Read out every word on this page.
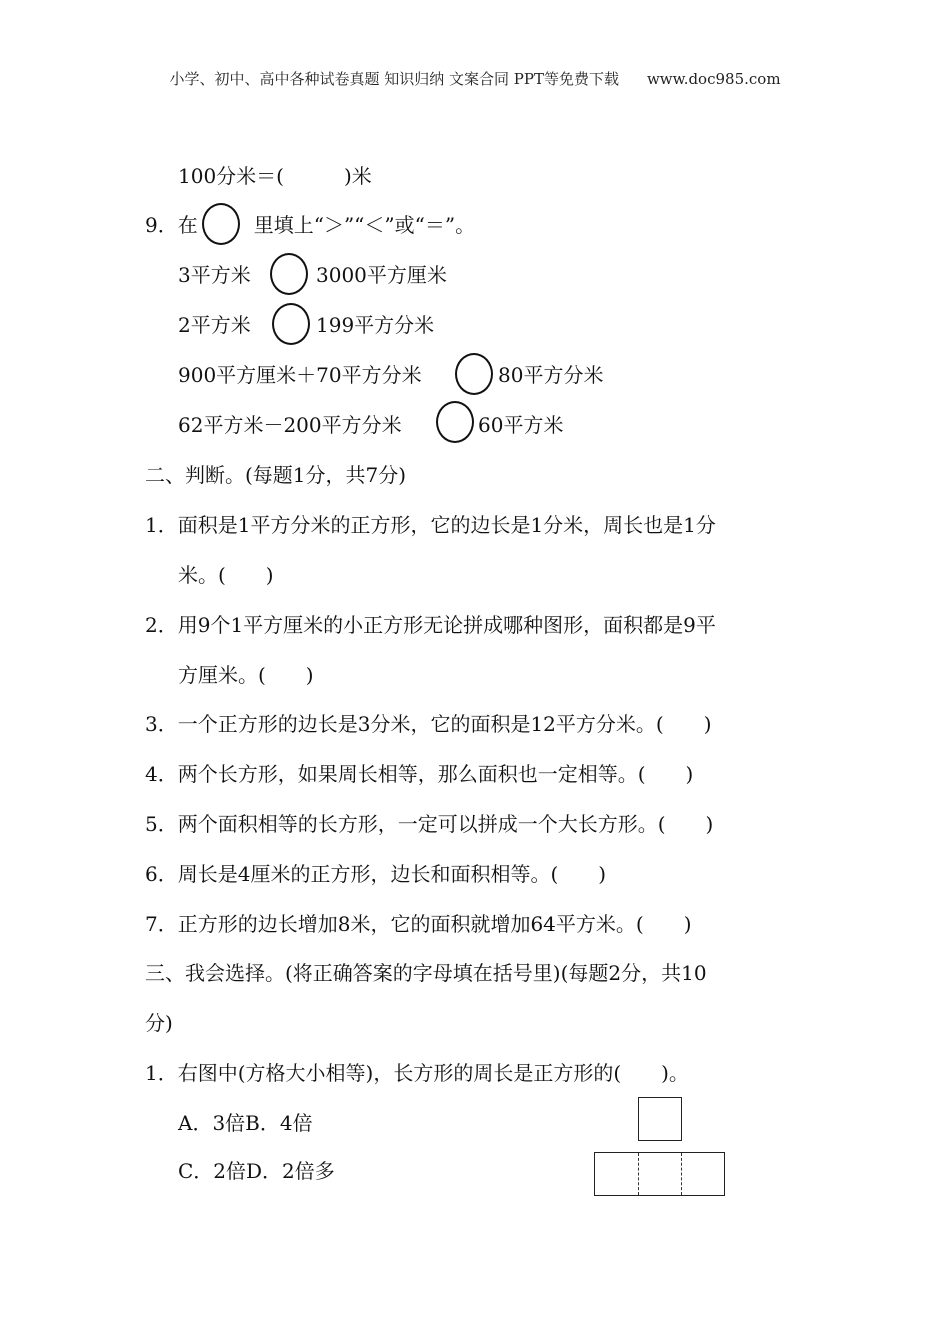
小学、初中、高中各种试卷真题 知识归纳 文案合同 PPT等免费下载 www.doc985.com
100分米＝(　　　)米
9．在	里填上“＞”“＜”或“＝”。
3平方米	3000平方厘米
2平方米	199平方分米
900平方厘米＋70平方分米	80平方分米
62平方米－200平方分米	60平方米
二、判断。(每题1分，共7分)
1．面积是1平方分米的正方形，它的边长是1分米，周长也是1分
米。(　　)
2．用9个1平方厘米的小正方形无论拼成哪种图形，面积都是9平
方厘米。(　　)
3．一个正方形的边长是3分米，它的面积是12平方分米。(　　)
4．两个长方形，如果周长相等，那么面积也一定相等。(　　)
5．两个面积相等的长方形，一定可以拼成一个大长方形。(　　)
6．周长是4厘米的正方形，边长和面积相等。(　　)
7．正方形的边长增加8米，它的面积就增加64平方米。(　　)
三、我会选择。(将正确答案的字母填在括号里)(每题2分，共10
分)
1．右图中(方格大小相等)，长方形的周长是正方形的(　　)。
A．3倍B．4倍
C．2倍D．2倍多
